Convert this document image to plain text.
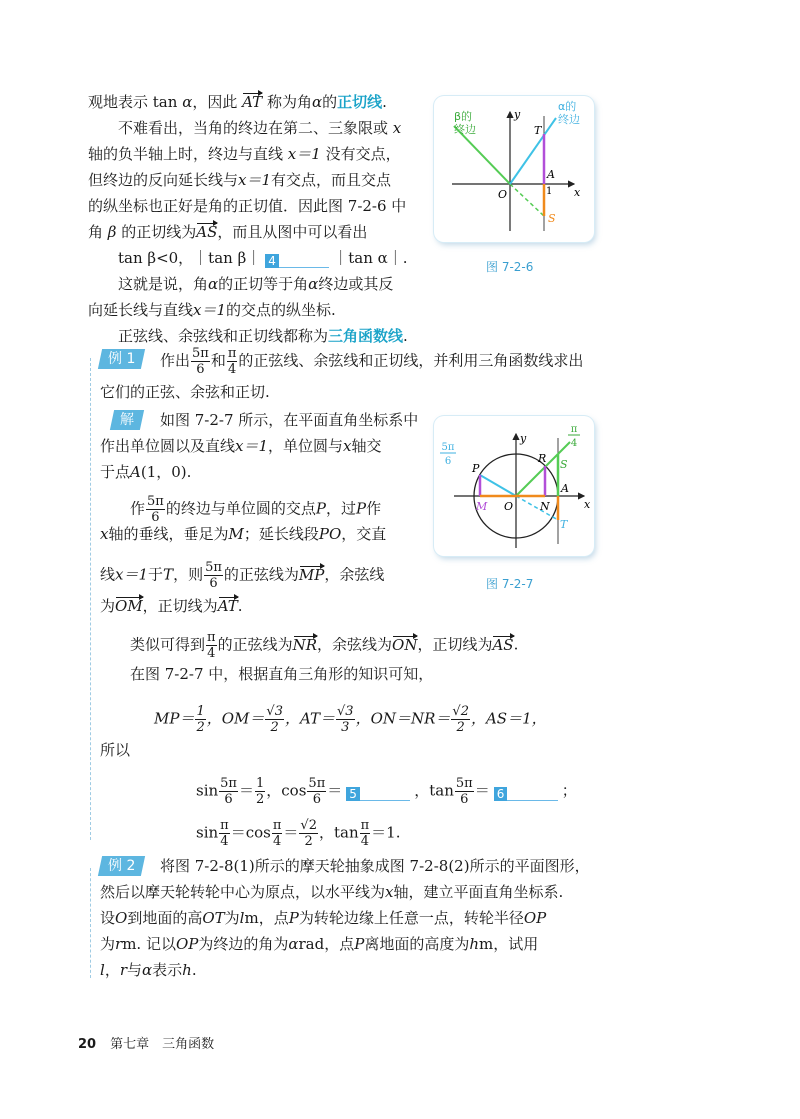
观地表示 tan α，因此 AT 称为角α的正切线.
不难看出，当角的终边在第二、三象限或 x
轴的负半轴上时，终边与直线 x＝1 没有交点，
但终边的反向延长线与x＝1有交点，而且交点
的纵坐标也正好是角的正切值．因此图 7-2-6 中
角 β 的正切线为AS，而且从图中可以看出
tan β<0，｜tan β｜ 4	｜tan α｜.
这就是说，角α的正切等于角α终边或其反
向延长线与直线x＝1的交点的纵坐标.
正弦线、余弦线和正切线都称为三角函数线.
β的
终边
α的
终边
y
x
O
T
A
1
S
图 7-2-6
例 1	作出 $\frac{5\pi}{6}$ 和 $\frac{\pi}{4}$ 的正弦线、余弦线和正切线，并利用三角函数线求出
它们的正弦、余弦和正切.
解	如图 7-2-7 所示，在平面直角坐标系中
作出单位圆以及直线x＝1，单位圆与x轴交
于点A(1，0).
作 $\frac{5\pi}{6}$ 的终边与单位圆的交点P，过P作
x轴的垂线，垂足为M；延长线段PO，交直
线x＝1于T，则 $\frac{5\pi}{6}$ 的正弦线为MP，余弦线
为OM，正切线为AT.
类似可得到 $\frac{\pi}{4}$ 的正弦线为NR，余弦线为ON，正切线为AS.
在图 7-2-7 中，根据直角三角形的知识可知，
$MP= \frac{1}{2}$ ，$OM= \frac{√3}{2}$ ，$AT= \frac{√3}{3}$ ，$ON=NR= \frac{√2}{2}$ ，AS＝1，
所以
$\sin \frac{5\pi}{6} = \frac{1}{2}$ ，$\cos \frac{5\pi}{6} = 5$	，$\tan \frac{5\pi}{6} = 6$	；
$\sin \frac{\pi}{4} =\cos \frac{\pi}{4} = \frac{√2}{2}$ ，$\tan \frac{\pi}{4} =1$.
5π
6
π
4
y
x
O
P
M
R S
A
N
T
图 7-2-7
例 2	将图 7-2-8(1)所示的摩天轮抽象成图 7-2-8(2)所示的平面图形，
然后以摩天轮转轮中心为原点，以水平线为x轴，建立平面直角坐标系.
设O到地面的高OT为lm，点P为转轮边缘上任意一点，转轮半径OP
为rm. 记以OP为终边的角为αrad，点P离地面的高度为hm，试用
l，r与α表示h.
20 第七章　三角函数
